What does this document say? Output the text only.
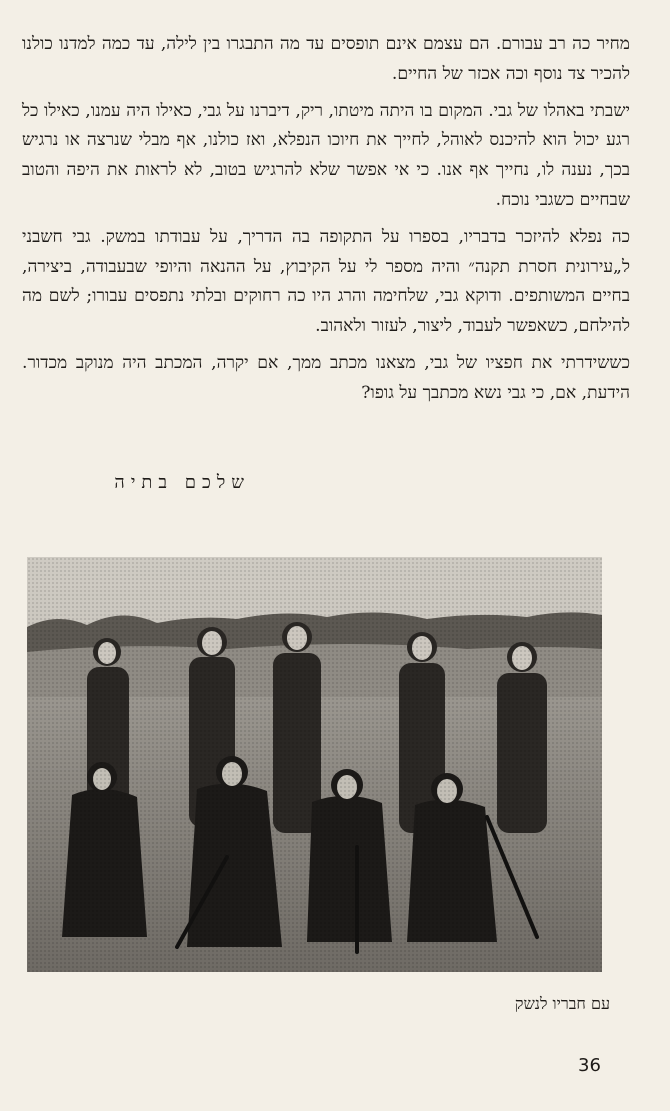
מחיר כה רב עבורם. הם עצמם אינם תופסים עד מה התבגרו בין לילה, עד כמה למדנו כולנו להכיר צד נוסף וכה אכזר של החיים.

ישבתי באהלו של גבי. המקום בו היתה מיטתו, ריק, דיברנו על גבי, כאילו היה עמנו, כאילו כל רגע יכול הוא להיכנס לאוהל, לחייך את חיוכו הנפלא, ואז כולנו, אף מבלי שנרצה או נרגיש בכך, נענה לו, נחייך אף אנו. כי אי אפשר שלא להרגיש בטוב, לא לראות את היפה והטוב שבחיים כשגבי נוכח.

כה נפלא להיזכר בדבריו, בספרו על התקופה בה הדריך, על עבודתו במשק. גבי חשבני ל„עירונית חסרת תקנה״ והיה מספר לי על הקיבוץ, על ההנאה והיופי שבעבודה, ביצירה, בחיים המשותפים. ודוקא גבי, שלחימה והרג היו כה רחוקים ובלתי נתפסים עבורו; לשם מה להילחם, כשאפשר לעבוד, ליצור, לעזור ולאהוב.

כששידרתי את חפציו של גבי, מצאנו מכתב ממך, אם יקרה, המכתב היה מנוקב מכדור. הידעת, אם, כי גבי נשא מכתבך על גופו?

שלכם בתיה
עם חבריו לנשק
36
